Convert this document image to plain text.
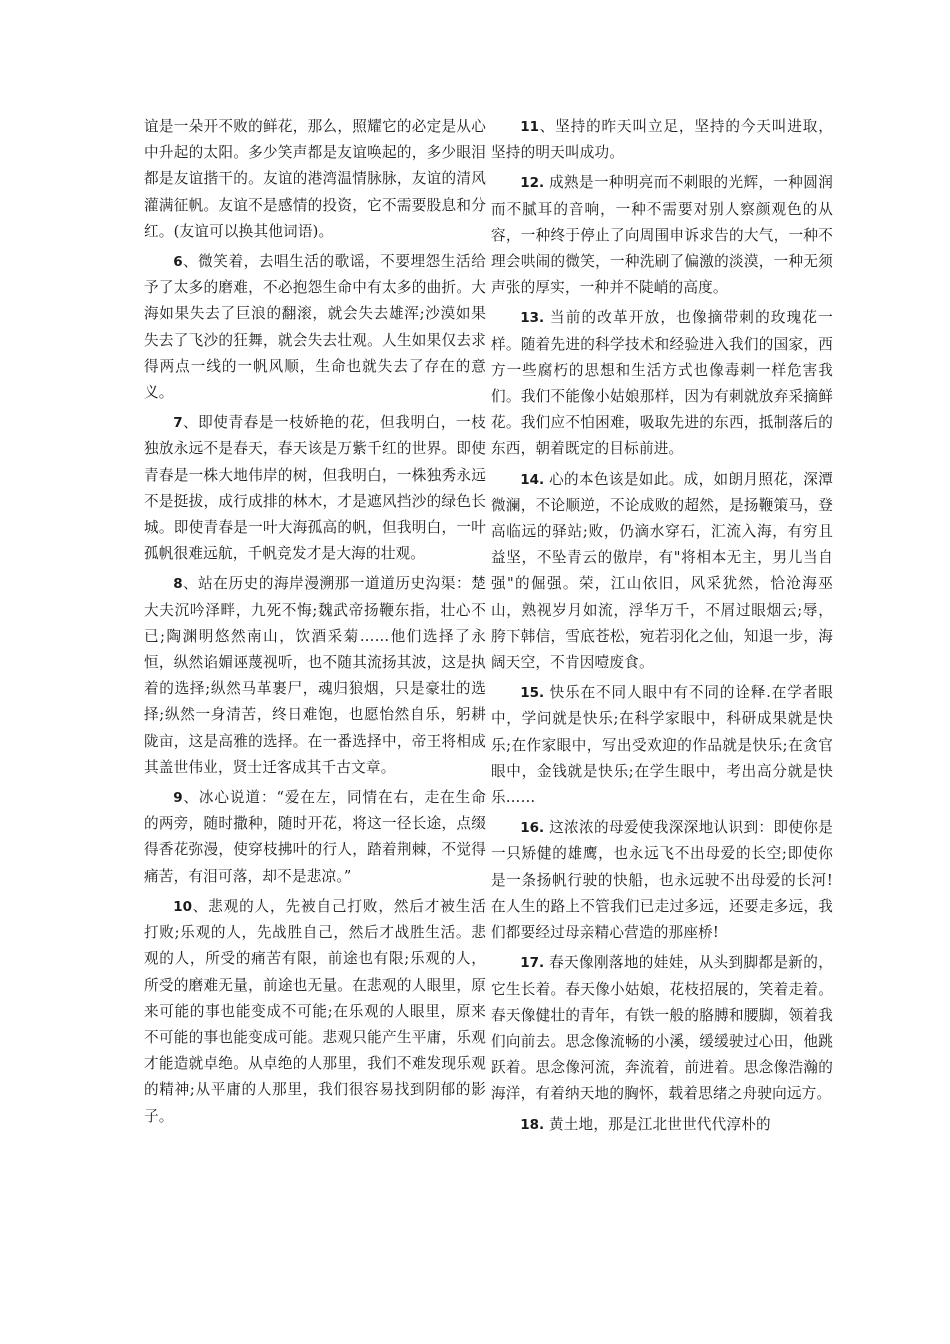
谊是一朵开不败的鲜花，那么，照耀它的必定是从心中升起的太阳。多少笑声都是友谊唤起的，多少眼泪都是友谊揩干的。友谊的港湾温情脉脉，友谊的清风灌满征帆。友谊不是感情的投资，它不需要股息和分红。(友谊可以换其他词语)。

6、微笑着，去唱生活的歌谣，不要埋怨生活给予了太多的磨难，不必抱怨生命中有太多的曲折。大海如果失去了巨浪的翻滚，就会失去雄浑;沙漠如果失去了飞沙的狂舞，就会失去壮观。人生如果仅去求得两点一线的一帆风顺，生命也就失去了存在的意义。

7、即使青春是一枝娇艳的花，但我明白，一枝独放永远不是春天，春天该是万紫千红的世界。即使青春是一株大地伟岸的树，但我明白，一株独秀永远不是挺拔，成行成排的林木，才是遮风挡沙的绿色长城。即使青春是一叶大海孤高的帆，但我明白，一叶孤帆很难远航，千帆竞发才是大海的壮观。

8、站在历史的海岸漫溯那一道道历史沟渠：楚大夫沉吟泽畔，九死不悔;魏武帝扬鞭东指，壮心不已;陶渊明悠然南山，饮酒采菊……他们选择了永恒，纵然谄媚诬蔑视听，也不随其流扬其波，这是执着的选择;纵然马革裹尸，魂归狼烟，只是豪壮的选择;纵然一身清苦，终日难饱，也愿怡然自乐，躬耕陇亩，这是高雅的选择。在一番选择中，帝王将相成其盖世伟业，贤士迁客成其千古文章。

9、冰心说道：“爱在左，同情在右，走在生命的两旁，随时撒种，随时开花，将这一径长途，点缀得香花弥漫，使穿枝拂叶的行人，踏着荆棘，不觉得痛苦，有泪可落，却不是悲凉。”

10、悲观的人，先被自己打败，然后才被生活打败;乐观的人，先战胜自己，然后才战胜生活。悲观的人，所受的痛苦有限，前途也有限;乐观的人，所受的磨难无量，前途也无量。在悲观的人眼里，原来可能的事也能变成不可能;在乐观的人眼里，原来不可能的事也能变成可能。悲观只能产生平庸，乐观才能造就卓绝。从卓绝的人那里，我们不难发现乐观的精神;从平庸的人那里，我们很容易找到阴郁的影子。

11、坚持的昨天叫立足，坚持的今天叫进取，坚持的明天叫成功。

12. 成熟是一种明亮而不刺眼的光辉，一种圆润而不腻耳的音响，一种不需要对别人察颜观色的从容，一种终于停止了向周围申诉求告的大气，一种不理会哄闹的微笑，一种洗刷了偏激的淡漠，一种无须声张的厚实，一种并不陡峭的高度。

13. 当前的改革开放，也像摘带刺的玫瑰花一样。随着先进的科学技术和经验进入我们的国家，西方一些腐朽的思想和生活方式也像毒刺一样危害我们。我们不能像小姑娘那样，因为有刺就放弃采摘鲜花。我们应不怕困难，吸取先进的东西，抵制落后的东西，朝着既定的目标前进。

14. 心的本色该是如此。成，如朗月照花，深潭微澜，不论顺逆，不论成败的超然，是扬鞭策马，登高临远的驿站;败，仍滴水穿石，汇流入海，有穷且益坚，不坠青云的傲岸，有"将相本无主，男儿当自强"的倔强。荣，江山依旧，风采犹然，恰沧海巫山，熟视岁月如流，浮华万千，不屑过眼烟云;辱，胯下韩信，雪底苍松，宛若羽化之仙，知退一步，海阔天空，不肯因噎废食。

15. 快乐在不同人眼中有不同的诠释.在学者眼中，学问就是快乐;在科学家眼中，科研成果就是快乐;在作家眼中，写出受欢迎的作品就是快乐;在贪官眼中，金钱就是快乐;在学生眼中，考出高分就是快乐……

16. 这浓浓的母爱使我深深地认识到：即使你是一只矫健的雄鹰，也永远飞不出母爱的长空;即使你是一条扬帆行驶的快船，也永远驶不出母爱的长河!在人生的路上不管我们已走过多远，还要走多远，我们都要经过母亲精心营造的那座桥!

17. 春天像刚落地的娃娃，从头到脚都是新的，它生长着。春天像小姑娘，花枝招展的，笑着走着。春天像健壮的青年，有铁一般的胳膊和腰脚，领着我们向前去。思念像流畅的小溪，缓缓驶过心田，他跳跃着。思念像河流，奔流着，前进着。思念像浩瀚的海洋，有着纳天地的胸怀，载着思绪之舟驶向远方。

18. 黄土地，那是江北世世代代淳朴的
